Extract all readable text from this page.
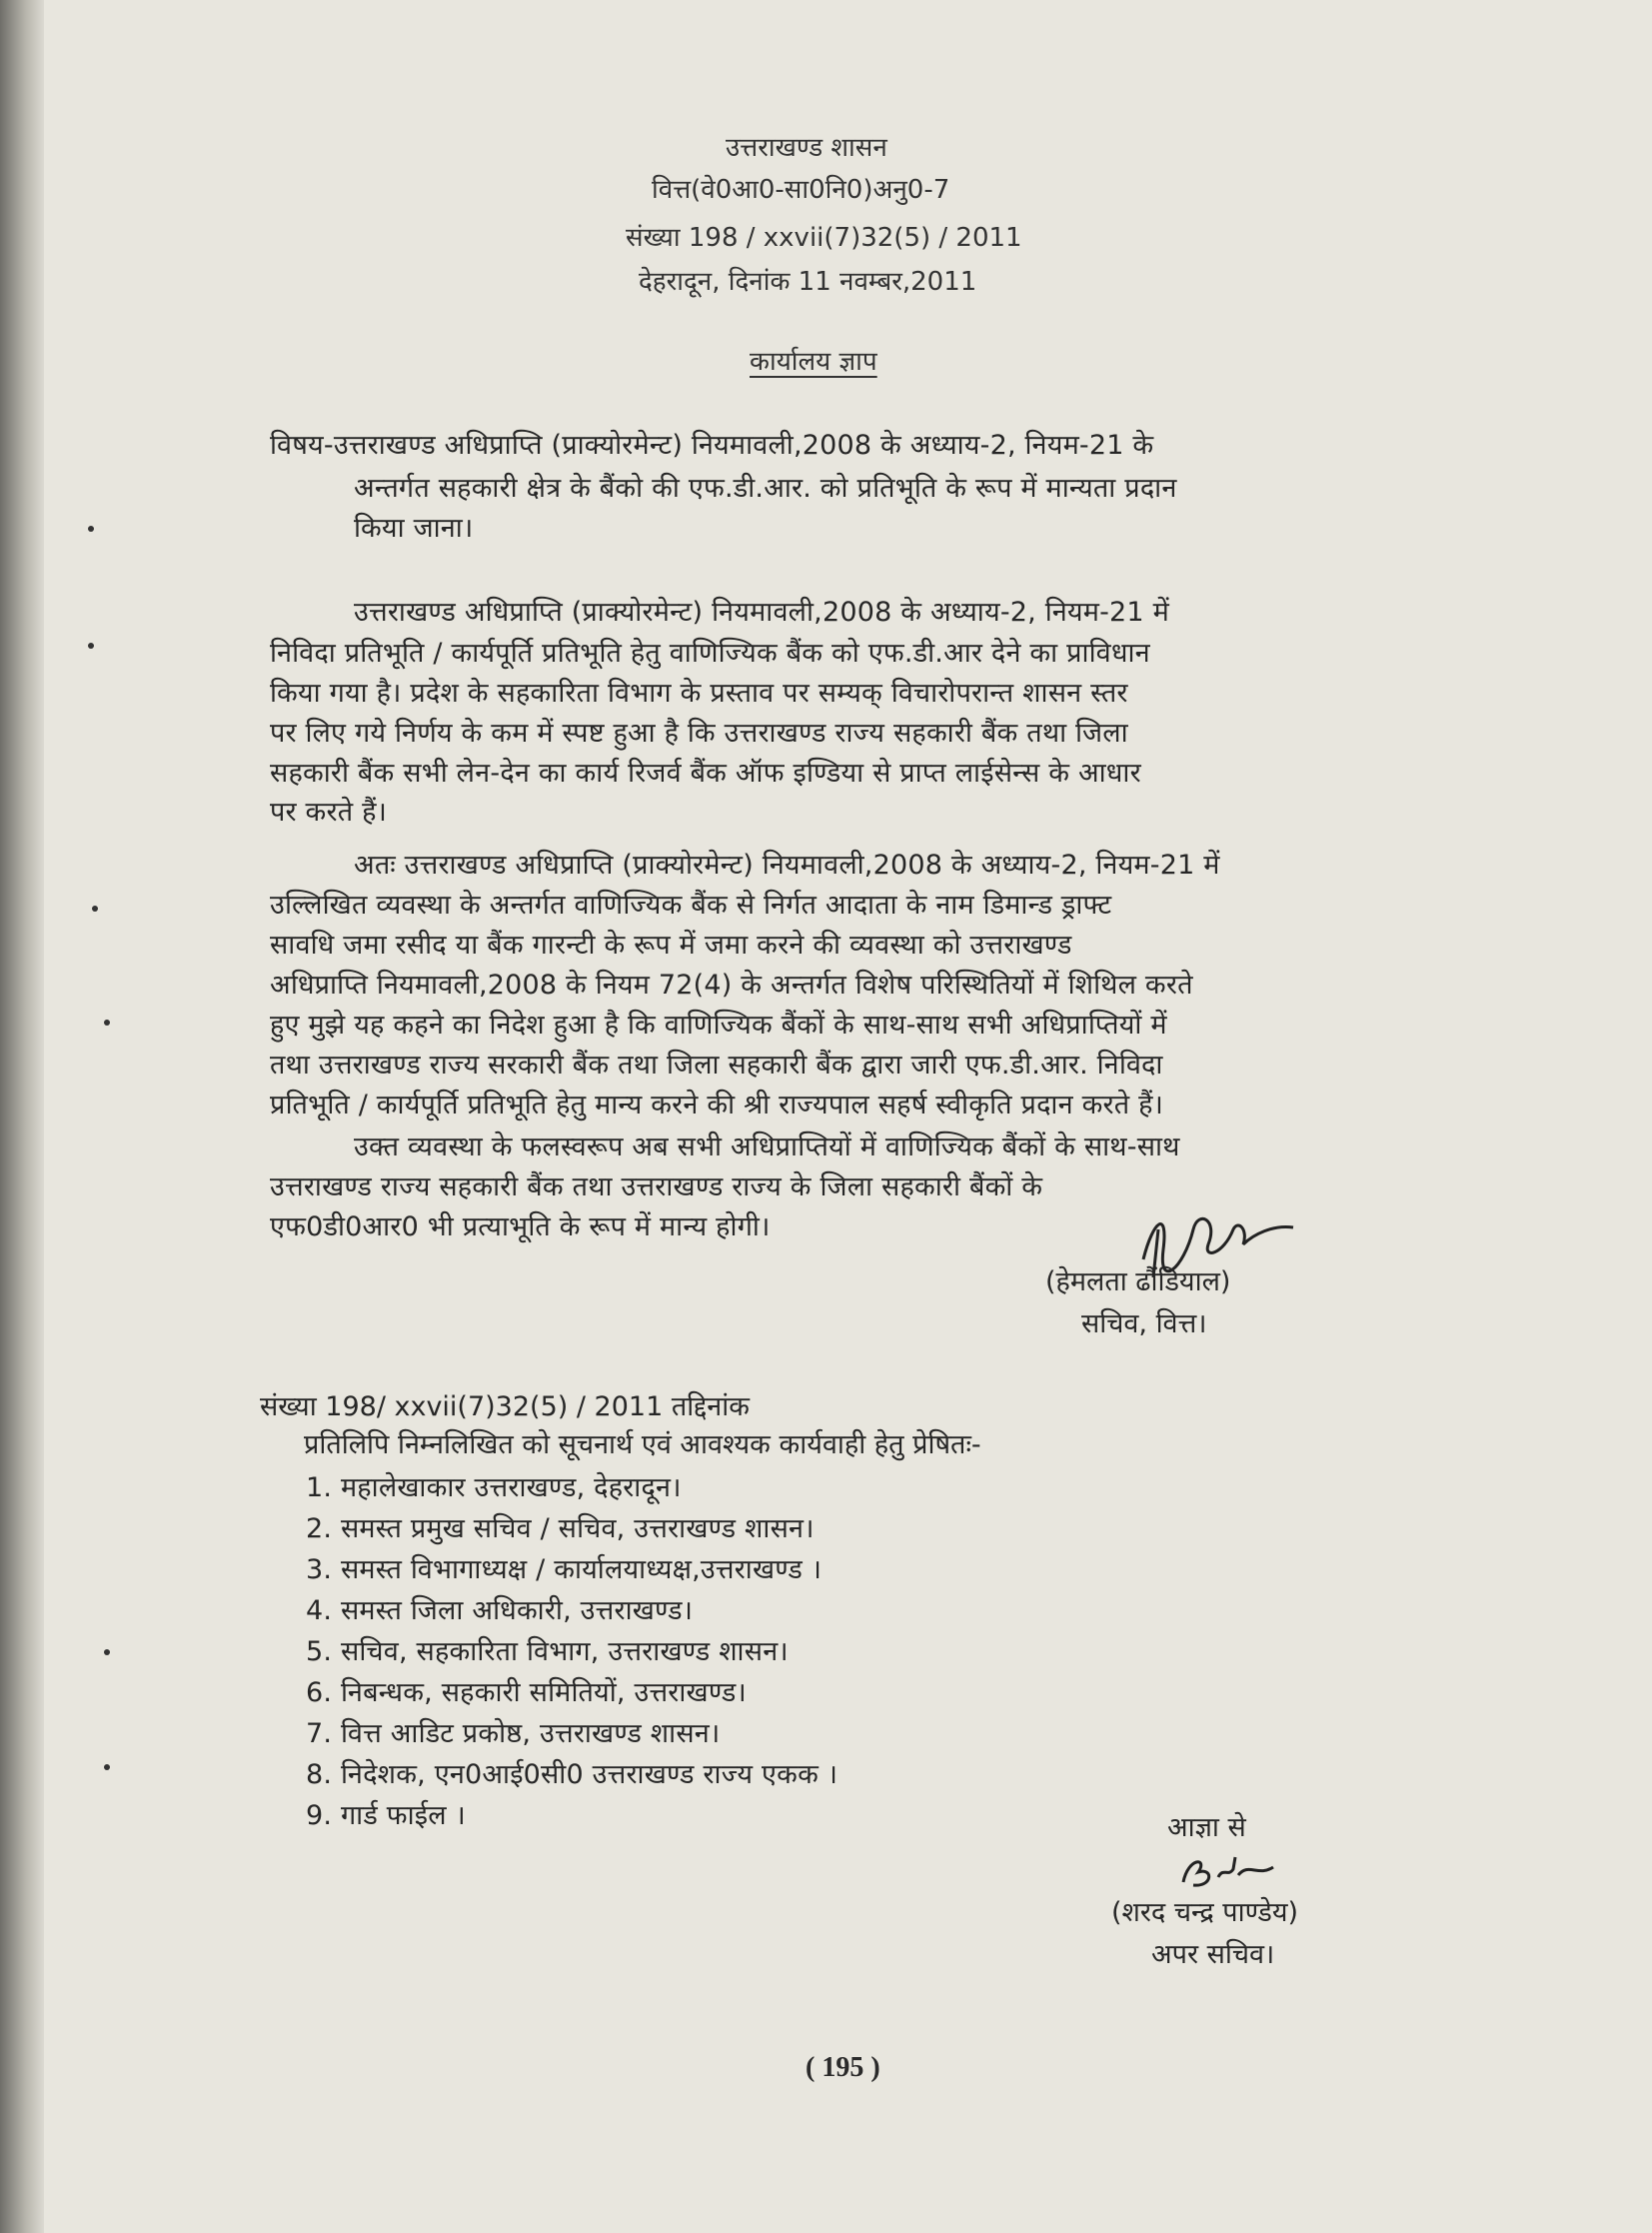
उत्तराखण्ड शासन
वित्त(वे0आ0-सा0नि0)अनु0-7
संख्या 198 / xxvii(7)32(5) / 2011
देहरादून, दिनांक 11 नवम्बर,2011
कार्यालय ज्ञाप
विषय-उत्तराखण्ड अधिप्राप्ति (प्राक्योरमेन्ट) नियमावली,2008 के अध्याय-2, नियम-21 के
अन्तर्गत सहकारी क्षेत्र के बैंको की एफ.डी.आर. को प्रतिभूति के रूप में मान्यता प्रदान
किया जाना।
उत्तराखण्ड अधिप्राप्ति (प्राक्योरमेन्ट) नियमावली,2008 के अध्याय-2, नियम-21 में
निविदा प्रतिभूति / कार्यपूर्ति प्रतिभूति हेतु वाणिज्यिक बैंक को एफ.डी.आर देने का प्राविधान
किया गया है। प्रदेश के सहकारिता विभाग के प्रस्ताव पर सम्यक् विचारोपरान्त शासन स्तर
पर लिए गये निर्णय के कम में स्पष्ट हुआ है कि उत्तराखण्ड राज्य सहकारी बैंक तथा जिला
सहकारी बैंक सभी लेन-देन का कार्य रिजर्व बैंक ऑफ इण्डिया से प्राप्त लाईसेन्स के आधार
पर करते हैं।
अतः उत्तराखण्ड अधिप्राप्ति (प्राक्योरमेन्ट) नियमावली,2008 के अध्याय-2, नियम-21 में
उल्लिखित व्यवस्था के अन्तर्गत वाणिज्यिक बैंक से निर्गत आदाता के नाम डिमान्ड ड्राफ्ट
सावधि जमा रसीद या बैंक गारन्टी के रूप में जमा करने की व्यवस्था को उत्तराखण्ड
अधिप्राप्ति नियमावली,2008 के नियम 72(4) के अन्तर्गत विशेष परिस्थितियों में शिथिल करते
हुए मुझे यह कहने का निदेश हुआ है कि वाणिज्यिक बैंकों के साथ-साथ सभी अधिप्राप्तियों में
तथा उत्तराखण्ड राज्य सरकारी बैंक तथा जिला सहकारी बैंक द्वारा जारी एफ.डी.आर. निविदा
प्रतिभूति / कार्यपूर्ति प्रतिभूति हेतु मान्य करने की श्री राज्यपाल सहर्ष स्वीकृति प्रदान करते हैं।
उक्त व्यवस्था के फलस्वरूप अब सभी अधिप्राप्तियों में वाणिज्यिक बैंकों के साथ-साथ
उत्तराखण्ड राज्य सहकारी बैंक तथा उत्तराखण्ड राज्य के जिला सहकारी बैंकों के
एफ0डी0आर0 भी प्रत्याभूति के रूप में मान्य होगी।
(हेमलता ढौंडियाल)
सचिव, वित्त।
संख्या 198/ xxvii(7)32(5) / 2011 तद्दिनांक
प्रतिलिपि निम्नलिखित को सूचनार्थ एवं आवश्यक कार्यवाही हेतु प्रेषितः-
1. महालेखाकार उत्तराखण्ड, देहरादून।
2. समस्त प्रमुख सचिव / सचिव, उत्तराखण्ड शासन।
3. समस्त विभागाध्यक्ष / कार्यालयाध्यक्ष,उत्तराखण्ड ।
4. समस्त जिला अधिकारी, उत्तराखण्ड।
5. सचिव, सहकारिता विभाग, उत्तराखण्ड शासन।
6. निबन्धक, सहकारी समितियों, उत्तराखण्ड।
7. वित्त आडिट प्रकोष्ठ, उत्तराखण्ड शासन।
8. निदेशक, एन0आई0सी0 उत्तराखण्ड राज्य एकक ।
9. गार्ड फाईल ।	आज्ञा से
(शरद चन्द्र पाण्डेय)
अपर सचिव।
( 195 )
